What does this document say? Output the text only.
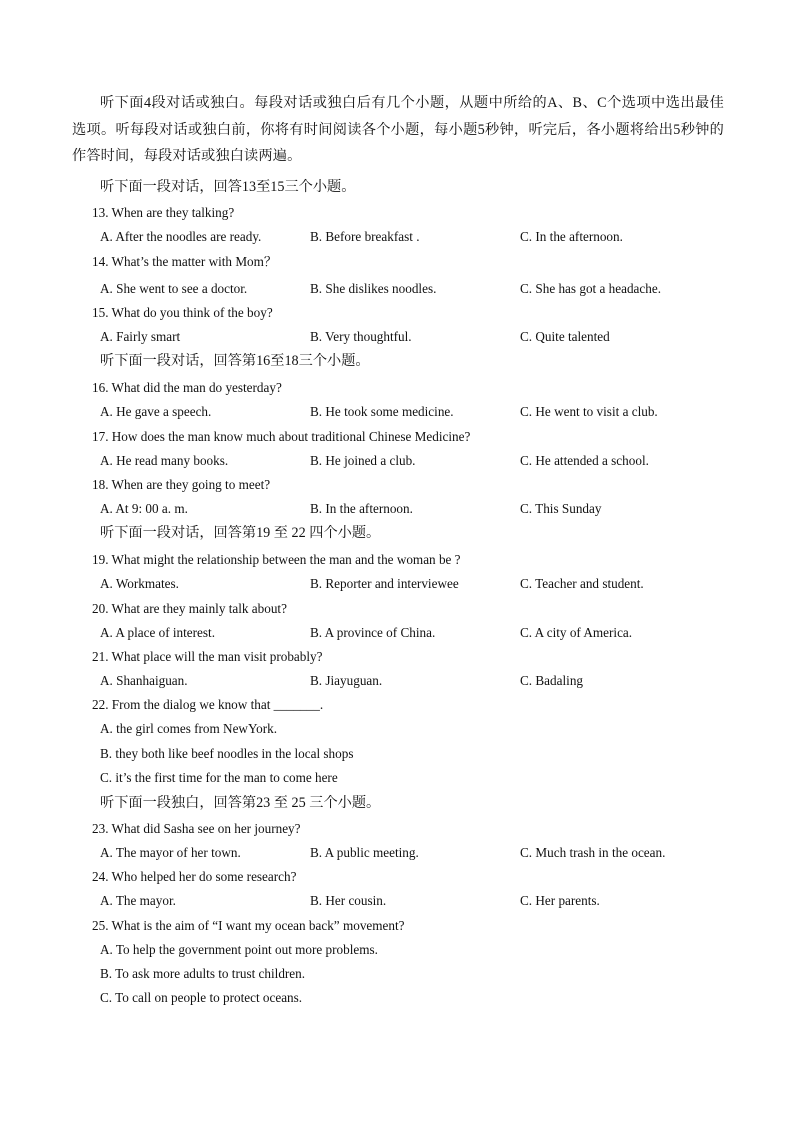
听下面4段对话或独白。每段对话或独白后有几个小题，从题中所给的A、B、C个选项中选出最佳选项。听每段对话或独白前，你将有时间阅读各个小题，每小题5秒钟，听完后，各小题将给出5秒钟的作答时间，每段对话或独白读两遍。
听下面一段对话，回答13至15三个小题。
13. When are they talking?
A. After the noodles are ready.	B. Before breakfast .	C. In the afternoon.
14. What’s the matter with Mom？
A. She went to see a doctor.	B. She dislikes noodles.	C. She has got a headache.
15. What do you think of the boy?
A. Fairly smart	B. Very thoughtful.	C. Quite talented
听下面一段对话，回答第16至18三个小题。
16. What did the man do yesterday?
A. He gave a speech.	B. He took some medicine.	C. He went to visit a club.
17. How does the man know much about traditional Chinese Medicine?
A. He read many books.	B. He joined a club.	C. He attended a school.
18. When are they going to meet?
A. At 9: 00 a. m.	B. In the afternoon.	C. This Sunday
听下面一段对话，回答第19 至 22 四个小题。
19. What might the relationship between the man and the woman be ?
A. Workmates.	B. Reporter and interviewee	C. Teacher and student.
20. What are they mainly talk about?
A. A place of interest.	B. A province of China.	C. A city of America.
21. What place will the man visit probably?
A. Shanhaiguan.	B. Jiayuguan.	C. Badaling
22. From the dialog we know that _______.
A. the girl comes from NewYork.
B. they both like beef noodles in the local shops
C. it’s the first time for the man to come here
听下面一段独白，回答第23 至 25 三个小题。
23. What did Sasha see on her journey?
A. The mayor of her town.	B. A public meeting.	C. Much trash in the ocean.
24. Who helped her do some research?
A. The mayor.	B. Her cousin.	C. Her parents.
25. What is the aim of “I want my ocean back” movement?
A. To help the government point out more problems.
B. To ask more adults to trust children.
C. To call on people to protect oceans.
